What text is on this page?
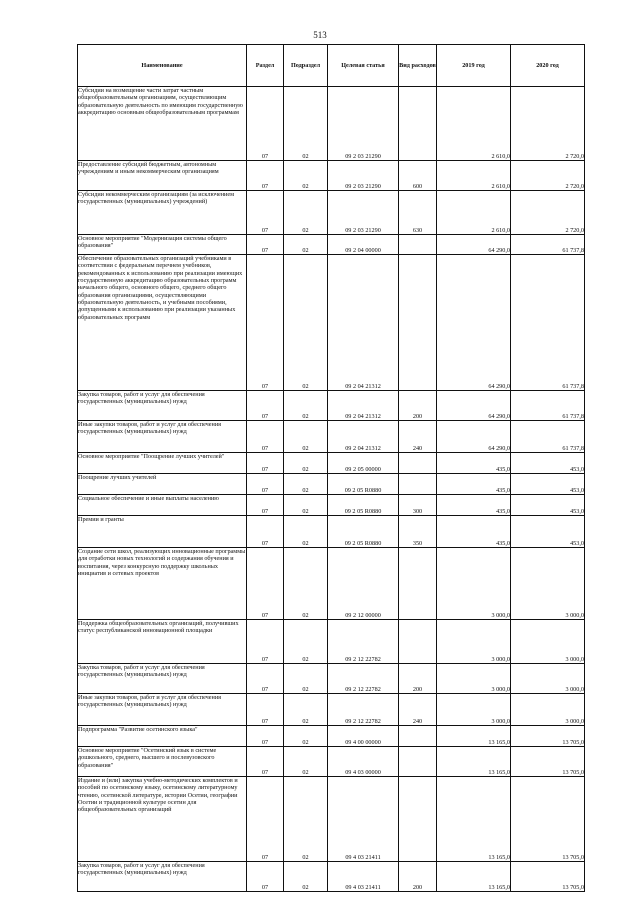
513
Наименование	Раздел	Подраздел	Целевая статья	Вид расходов	2019 год	2020 год

Субсидии на возмещение части затрат частным общеобразовательным организациям, осуществляющим образовательную деятельность по имеющим государственную аккредитацию основным общеобразовательным программам	07	02	09 2 03 21290		2 610,0	2 720,0

Предоставление субсидий бюджетным, автономным учреждениям и иным некоммерческим организациям	07	02	09 2 03 21290	600	2 610,0	2 720,0

Субсидии некоммерческим организациям (за исключением государственных (муниципальных) учреждений)	07	02	09 2 03 21290	630	2 610,0	2 720,0

Основное мероприятие "Модернизация системы общего образования"	07	02	09 2 04 00000		64 290,0	61 737,8

Обеспечение образовательных организаций учебниками в соответствии с федеральным перечнем учебников, рекомендованных к использованию при реализации имеющих государственную аккредитацию образовательных программ начального общего, основного общего, среднего общего образования организациями, осуществляющими образовательную деятельность, и учебными пособиями, допущенными к использованию при реализации указанных образовательных программ	07	02	09 2 04 21312		64 290,0	61 737,8

Закупка товаров, работ и услуг для обеспечения государственных (муниципальных) нужд	07	02	09 2 04 21312	200	64 290,0	61 737,8

Иные закупки товаров, работ и услуг для обеспечения государственных (муниципальных) нужд	07	02	09 2 04 21312	240	64 290,0	61 737,8

Основное мероприятие "Поощрение лучших учителей"	07	02	09 2 05 00000		435,0	453,0

Поощрение лучших учителей	07	02	09 2 05 R0880		435,0	453,0

Социальное обеспечение и иные выплаты населению	07	02	09 2 05 R0880	300	435,0	453,0

Премии и гранты	07	02	09 2 05 R0880	350	435,0	453,0

Создание сети школ, реализующих инновационные программы для отработки новых технологий и содержания обучения и воспитания, через конкурсную поддержку школьных инициатив и сетевых проектов	07	02	09 2 12 00000		3 000,0	3 000,0

Поддержка общеобразовательных организаций, получивших статус республиканской инновационной площадки	07	02	09 2 12 22782		3 000,0	3 000,0

Закупка товаров, работ и услуг для обеспечения государственных (муниципальных) нужд	07	02	09 2 12 22782	200	3 000,0	3 000,0

Иные закупки товаров, работ и услуг для обеспечения государственных (муниципальных) нужд	07	02	09 2 12 22782	240	3 000,0	3 000,0

Подпрограмма "Развитие осетинского языка"	07	02	09 4 00 00000		13 165,0	13 705,0

Основное мероприятие "Осетинский язык в системе дошкольного, среднего, высшего и послевузовского образования"	07	02	09 4 03 00000		13 165,0	13 705,0

Издание и (или) закупка учебно-методических комплектов и пособий по осетинскому языку, осетинскому литературному чтению, осетинской литературе, истории Осетии, географии Осетии и традиционной культуре осетин для общеобразовательных организаций	07	02	09 4 03 21411		13 165,0	13 705,0

Закупка товаров, работ и услуг для обеспечения государственных (муниципальных) нужд	07	02	09 4 03 21411	200	13 165,0	13 705,0
